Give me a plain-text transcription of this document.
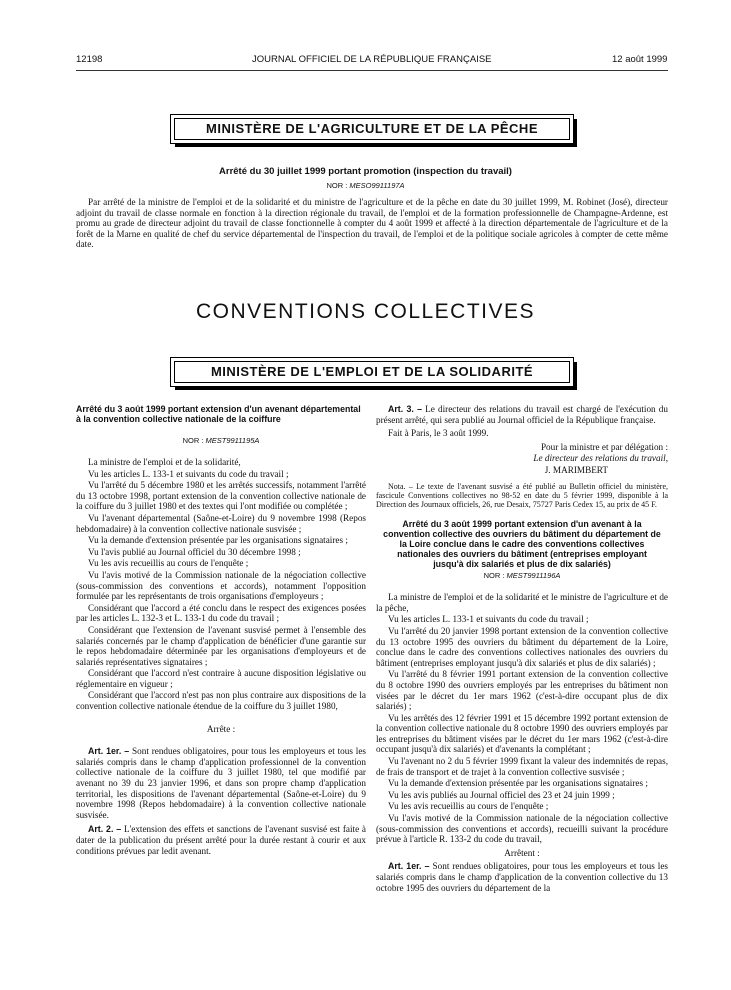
12198	JOURNAL OFFICIEL DE LA RÉPUBLIQUE FRANÇAISE	12 août 1999
MINISTÈRE DE L'AGRICULTURE ET DE LA PÊCHE
Arrêté du 30 juillet 1999 portant promotion (inspection du travail)
NOR : MESO9911197A

Par arrêté de la ministre de l'emploi et de la solidarité et du ministre de l'agriculture et de la pêche en date du 30 juillet 1999, M. Robinet (José), directeur adjoint du travail de classe normale en fonction à la direction régionale du travail, de l'emploi et de la formation professionnelle de Champagne-Ardenne, est promu au grade de directeur adjoint du travail de classe fonctionnelle à compter du 4 août 1999 et affecté à la direction départementale de l'agriculture et de la forêt de la Marne en qualité de chef du service départemental de l'inspection du travail, de l'emploi et de la politique sociale agricoles à compter de cette même date.

CONVENTIONS COLLECTIVES
MINISTÈRE DE L'EMPLOI ET DE LA SOLIDARITÉ
Arrêté du 3 août 1999 portant extension d'un avenant départemental à la convention collective nationale de la coiffure
NOR : MEST9911195A

La ministre de l'emploi et de la solidarité,

Vu les articles L. 133-1 et suivants du code du travail ;

Vu l'arrêté du 5 décembre 1980 et les arrêtés successifs, notamment l'arrêté du 13 octobre 1998, portant extension de la convention collective nationale de la coiffure du 3 juillet 1980 et des textes qui l'ont modifiée ou complétée ;

Vu l'avenant départemental (Saône-et-Loire) du 9 novembre 1998 (Repos hebdomadaire) à la convention collective nationale susvisée ;

Vu la demande d'extension présentée par les organisations signataires ;

Vu l'avis publié au Journal officiel du 30 décembre 1998 ;

Vu les avis recueillis au cours de l'enquête ;

Vu l'avis motivé de la Commission nationale de la négociation collective (sous-commission des conventions et accords), notamment l'opposition formulée par les représentants de trois organisations d'employeurs ;

Considérant que l'accord a été conclu dans le respect des exigences posées par les articles L. 132-3 et L. 133-1 du code du travail ;

Considérant que l'extension de l'avenant susvisé permet à l'ensemble des salariés concernés par le champ d'application de bénéficier d'une garantie sur le repos hebdomadaire déterminée par les organisations d'employeurs et de salariés représentatives signataires ;

Considérant que l'accord n'est contraire à aucune disposition législative ou réglementaire en vigueur ;

Considérant que l'accord n'est pas non plus contraire aux dispositions de la convention collective nationale étendue de la coiffure du 3 juillet 1980,

Arrête :

Art. 1er. – Sont rendues obligatoires, pour tous les employeurs et tous les salariés compris dans le champ d'application professionnel de la convention collective nationale de la coiffure du 3 juillet 1980, tel que modifié par avenant no 39 du 23 janvier 1996, et dans son propre champ d'application territorial, les dispositions de l'avenant départemental (Saône-et-Loire) du 9 novembre 1998 (Repos hebdomadaire) à la convention collective nationale susvisée.

Art. 2. – L'extension des effets et sanctions de l'avenant susvisé est faite à dater de la publication du présent arrêté pour la durée restant à courir et aux conditions prévues par ledit avenant.

Art. 3. – Le directeur des relations du travail est chargé de l'exécution du présent arrêté, qui sera publié au Journal officiel de la République française.

Fait à Paris, le 3 août 1999.

Pour la ministre et par délégation :

Le directeur des relations du travail,

J. MARIMBERT

Nota. – Le texte de l'avenant susvisé a été publié au Bulletin officiel du ministère, fascicule Conventions collectives no 98-52 en date du 5 février 1999, disponible à la Direction des Journaux officiels, 26, rue Desaix, 75727 Paris Cedex 15, au prix de 45 F.

Arrêté du 3 août 1999 portant extension d'un avenant à la convention collective des ouvriers du bâtiment du département de la Loire conclue dans le cadre des conventions collectives nationales des ouvriers du bâtiment (entreprises employant jusqu'à dix salariés et plus de dix salariés)
NOR : MEST9911196A

La ministre de l'emploi et de la solidarité et le ministre de l'agriculture et de la pêche,

Vu les articles L. 133-1 et suivants du code du travail ;

Vu l'arrêté du 20 janvier 1998 portant extension de la convention collective du 13 octobre 1995 des ouvriers du bâtiment du département de la Loire, conclue dans le cadre des conventions collectives nationales des ouvriers du bâtiment (entreprises employant jusqu'à dix salariés et plus de dix salariés) ;

Vu l'arrêté du 8 février 1991 portant extension de la convention collective du 8 octobre 1990 des ouvriers employés par les entreprises du bâtiment non visées par le décret du 1er mars 1962 (c'est-à-dire occupant plus de dix salariés) ;

Vu les arrêtés des 12 février 1991 et 15 décembre 1992 portant extension de la convention collective nationale du 8 octobre 1990 des ouvriers employés par les entreprises du bâtiment visées par le décret du 1er mars 1962 (c'est-à-dire occupant jusqu'à dix salariés) et d'avenants la complétant ;

Vu l'avenant no 2 du 5 février 1999 fixant la valeur des indemnités de repas, de frais de transport et de trajet à la convention collective susvisée ;

Vu la demande d'extension présentée par les organisations signataires ;

Vu les avis publiés au Journal officiel des 23 et 24 juin 1999 ;

Vu les avis recueillis au cours de l'enquête ;

Vu l'avis motivé de la Commission nationale de la négociation collective (sous-commission des conventions et accords), recueilli suivant la procédure prévue à l'article R. 133-2 du code du travail,

Arrêtent :

Art. 1er. – Sont rendues obligatoires, pour tous les employeurs et tous les salariés compris dans le champ d'application de la convention collective du 13 octobre 1995 des ouvriers du département de la
